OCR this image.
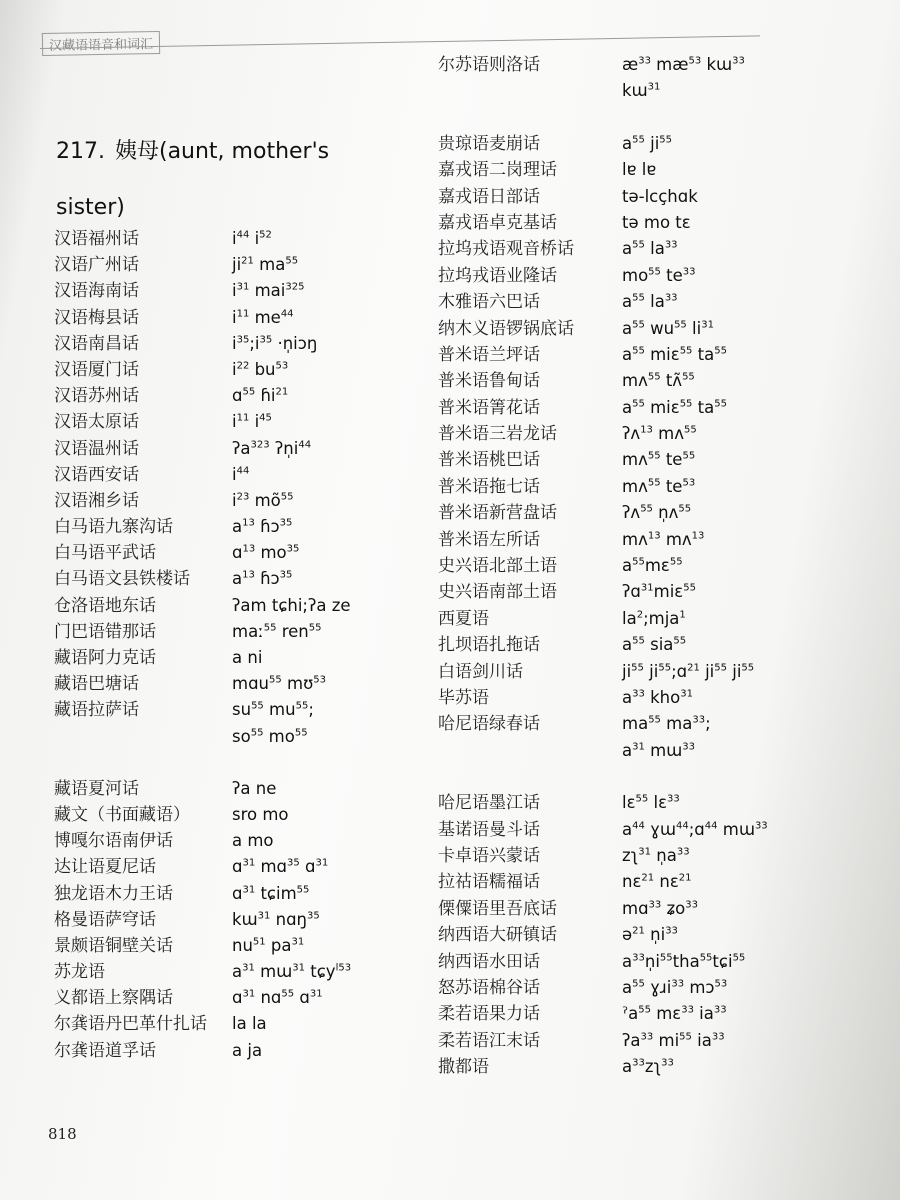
汉藏语语音和词汇
217. 姨母(aunt, mother's sister)
汉语福州话	$i^{44}$ $i^{52}$
汉语广州话	$ji^{21}$ $ma^{55}$
汉语海南话	$i^{31}$ mai$^{325}$
汉语梅县话	$i^{11}$ $me^{44}$
汉语南昌话	$i^{35};i^{35}$ ·n̩iɔŋ
汉语厦门话	$i^{22}$ $bu^{53}$
汉语苏州话	ɑ$^{55}$ ɦi$^{21}$
汉语太原话	$i^{11}$ $i^{45}$
汉语温州话	ʔa$^{323}$ $ʔn̩i^{44}$
汉语西安话	$i^{44}$
汉语湘乡话	$i^{23}$ $mõ^{55}$
白马语九寨沟话	$a^{13}$ ɦɔ$^{35}$
白马语平武话	ɑ$^{13}$ $mo^{35}$
白马语文县铁楼话	$a^{13}$ ɦɔ$^{35}$
仓洛语地东话	ʔam tɕhi;ʔa ze
门巴语错那话	maː$^{55}$ ren$^{55}$
藏语阿力克话	a ni
藏语巴塘话	mɑu$^{55}$ mʊ$^{53}$
藏语拉萨话	$su^{55}$ $mu^{55}$;
$so^{55}$ $mo^{55}$
藏语夏河话	ʔa ne
藏文（书面藏语）	sro mo
博嘎尔语南伊话	a mo
达让语夏尼话	ɑ$^{31}$ mɑ$^{35}$ ɑ$^{31}$
独龙语木力王话	ɑ$^{31}$ tɕim$^{55}$
格曼语萨穹话	kɯ$^{31}$ nɑŋ$^{35}$
景颇语铜壁关话	$nu^{51}$ $pa^{31}$
苏龙语	$a^{31}$ mɯ$^{31}$ tɕy$^{l53}$
义都语上察隅话	ɑ$^{31}$ nɑ$^{55}$ ɑ$^{31}$
尔龚语丹巴革什扎话 la la
尔龚语道孚话	a ja
尔苏语则洛话	$æ^{33}$ $mæ^{53}$ kɯ$^{33}$
kɯ$^{31}$
贵琼语麦崩话	$a^{55}$ $ji^{55}$
嘉戎语二岗理话	lɐ lɐ
嘉戎语日部话	tə-lcçhɑk
嘉戎语卓克基话	tə mo tɛ
拉坞戎语观音桥话	$a^{55}$ $la^{33}$
拉坞戎语业隆话	$mo^{55}$ $te^{33}$
木雅语六巴话	$a^{55}$ $la^{33}$
纳木义语锣锅底话	$a^{55}$ $wu^{55}$ $li^{31}$
普米语兰坪话	$a^{55}$ miɛ$^{55}$ $ta^{55}$
普米语鲁甸话	mʌ$^{55}$ tʌ̃$^{55}$
普米语箐花话	$a^{55}$ miɛ$^{55}$ $ta^{55}$
普米语三岩龙话	ʔʌ$^{13}$ mʌ$^{55}$
普米语桃巴话	mʌ$^{55}$ $te^{55}$
普米语拖七话	mʌ$^{55}$ $te^{53}$
普米语新营盘话	ʔʌ$^{55}$ n̩ʌ$^{55}$
普米语左所话	mʌ$^{13}$ mʌ$^{13}$
史兴语北部土语	$a^{55}mɛ^{55}$
史兴语南部土语	ʔɑ$^{31}$miɛ$^{55}$
西夏语	$la^2;mja^1$
扎坝语扎拖话	$a^{55}$ sia$^{55}$
白语剑川话	$ji^{55}$ $ji^{55};ɑ^{21}$ $ji^{55}$ $ji^{55}$
毕苏语	$a^{33}$ kho$^{31}$
哈尼语绿春话	$ma^{55}$ $ma^{33}$;
$a^{31}$ mɯ$^{33}$
哈尼语墨江话	lɛ$^{55}$ lɛ$^{33}$
基诺语曼斗话	$a^{44}$ ɣɯ$^{44}$;ɑ$^{44}$ mɯ$^{33}$
卡卓语兴蒙话	zʅ$^{31}$ $n̩a^{33}$
拉祜语糯福话	nɛ$^{21}$ nɛ$^{21}$
傈僳语里吾底话	mɑ$^{33}$ ʑo$^{33}$
纳西语大研镇话	ə$^{21}$ $n̩i^{33}$
纳西语水田话	$a^{33}n̩i^{55}tha^{55}tɕi^{55}$
怒苏语棉谷话	$a^{55}$ ɣɹi$^{33}$ mɔ$^{53}$
柔若语果力话	ˀa$^{55}$ mɛ$^{33}$ $ia^{33}$
柔若语江末话	ʔa$^{33}$ $mi^{55}$ $ia^{33}$
撒都语	$a^{33}zʅ^{33}$
818
